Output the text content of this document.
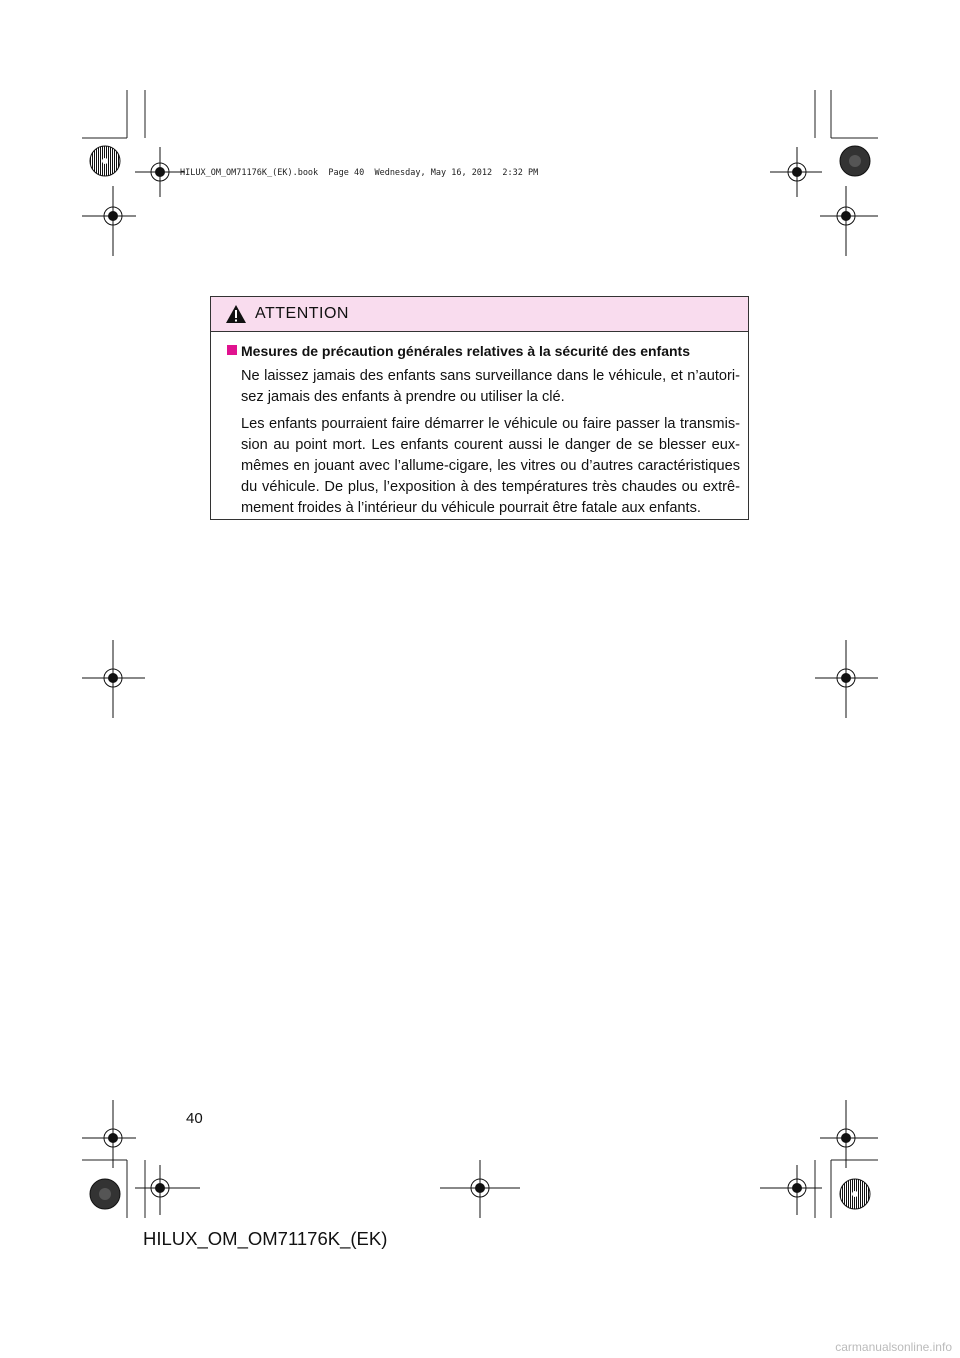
HILUX_OM_OM71176K_(EK).book  Page 40  Wednesday, May 16, 2012  2:32 PM
ATTENTION
Mesures de précaution générales relatives à la sécurité des enfants

Ne laissez jamais des enfants sans surveillance dans le véhicule, et n’autori-sez jamais des enfants à prendre ou utiliser la clé.

Les enfants pourraient faire démarrer le véhicule ou faire passer la transmis-sion au point mort. Les enfants courent aussi le danger de se blesser eux-mêmes en jouant avec l’allume-cigare, les vitres ou d’autres caractéristiques du véhicule. De plus, l’exposition à des températures très chaudes ou extrê-mement froides à l’intérieur du véhicule pourrait être fatale aux enfants.

40
HILUX_OM_OM71176K_(EK)
carmanualsonline.info
